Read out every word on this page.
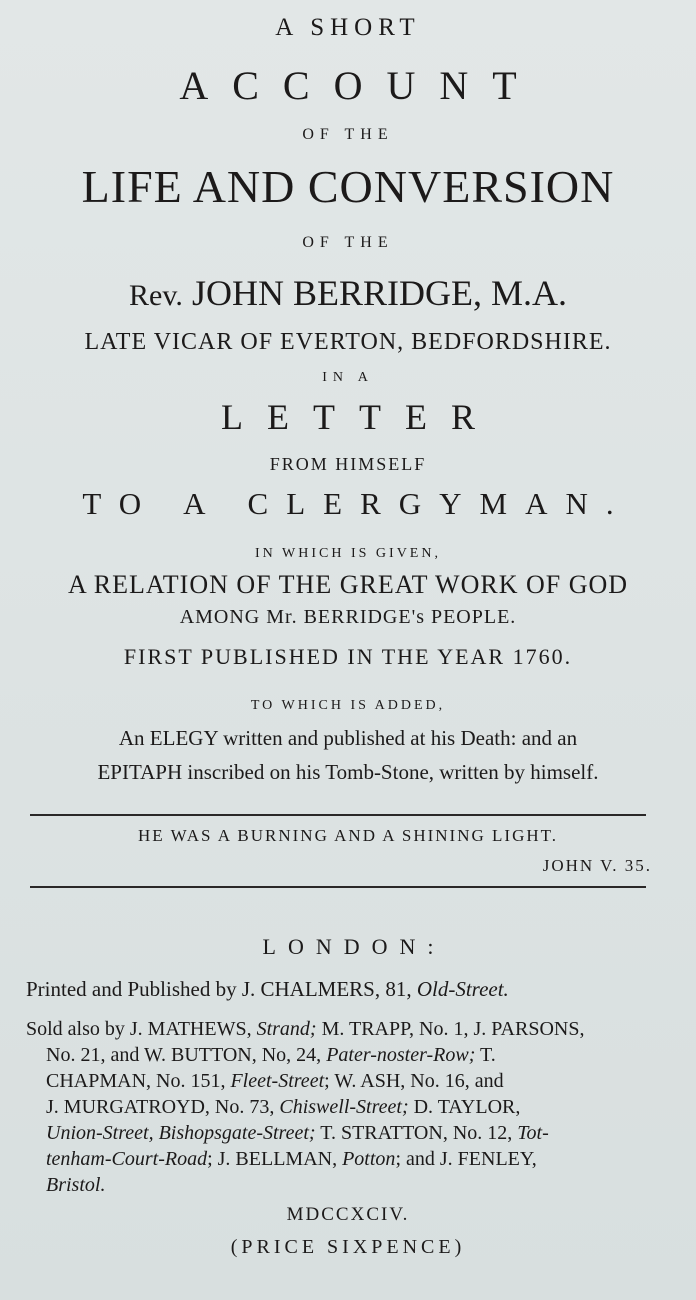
A SHORT

ACCOUNT

OF THE

LIFE AND CONVERSION

OF THE

Rev. JOHN BERRIDGE, M.A.

LATE VICAR OF EVERTON, BEDFORDSHIRE.

IN A

LETTER

FROM HIMSELF

TO A CLERGYMAN.

IN WHICH IS GIVEN,

A RELATION OF THE GREAT WORK OF GOD

AMONG Mr. BERRIDGE's PEOPLE.

FIRST PUBLISHED IN THE YEAR 1760.

TO WHICH IS ADDED,

An ELEGY written and published at his Death: and an

EPITAPH inscribed on his Tomb-Stone, written by himself.

HE WAS A BURNING AND A SHINING LIGHT.

JOHN V. 35.

LONDON:

Printed and Published by J. CHALMERS, 81, Old-Street.

Sold also by J. MATHEWS, Strand; M. TRAPP, No. 1, J. PARSONS,
No. 21, and W. BUTTON, No, 24, Pater-noster-Row; T.
CHAPMAN, No. 151, Fleet-Street; W. ASH, No. 16, and
J. MURGATROYD, No. 73, Chiswell-Street; D. TAYLOR,
Union-Street, Bishopsgate-Street; T. STRATTON, No. 12, Tot-
tenham-Court-Road; J. BELLMAN, Potton; and J. FENLEY,
Bristol.

MDCCXCIV.

(PRICE SIXPENCE)
